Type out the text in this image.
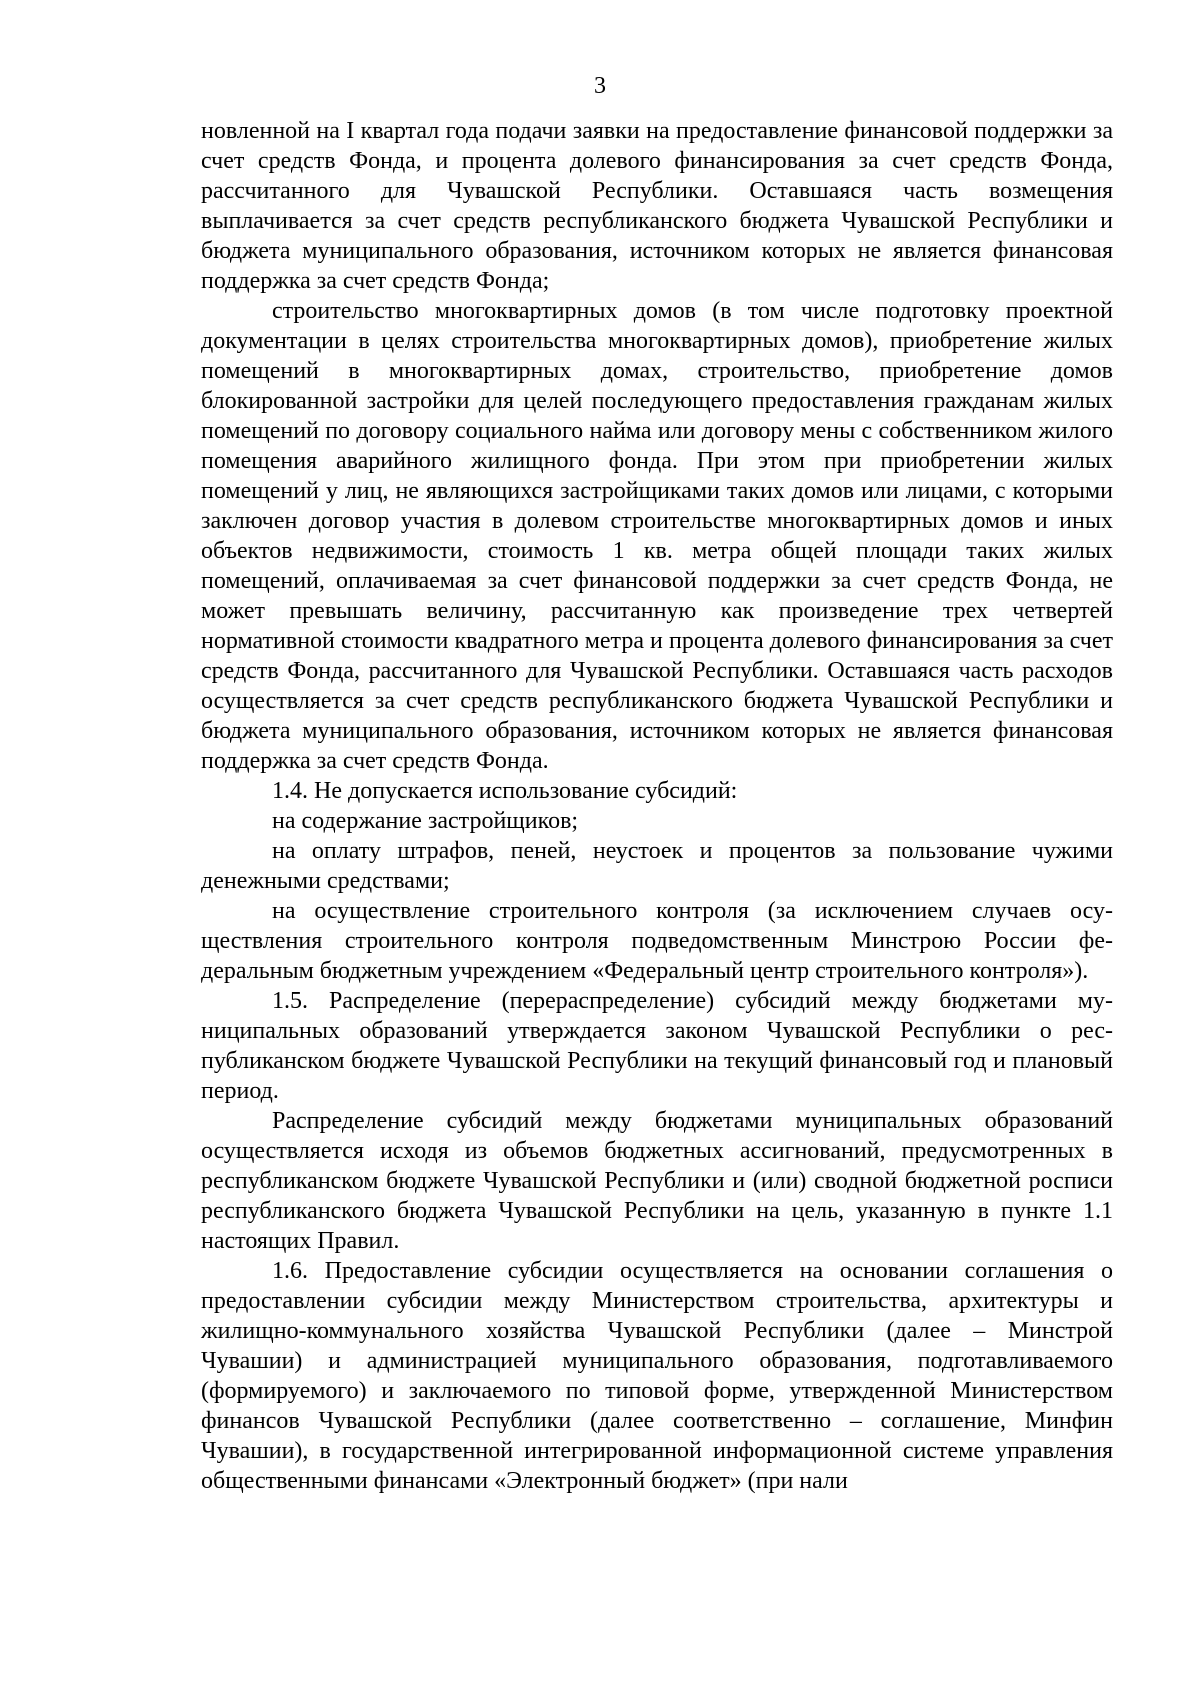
3

новленной на I квартал года подачи заявки на предоставление финансовой поддержки за счет средств Фонда, и процента долевого финансирования за счет средств Фонда, рассчитанного для Чувашской Республики. Оставшаяся часть возмещения выплачивается за счет средств республиканского бюджета Чувашской Республики и бюджета муниципального образования, источником которых не является финансовая поддержка за счет средств Фонда;

строительство многоквартирных домов (в том числе подготовку проектной документации в целях строительства многоквартирных домов), приобретение жилых помещений в многоквартирных домах, строительство, приобретение домов блокированной застройки для целей последующего предоставления гражданам жилых помещений по договору социального найма или договору мены с собственником жилого помещения аварийного жилищного фонда. При этом при приобретении жилых помещений у лиц, не являющихся застройщиками таких домов или лицами, с которыми заключен договор участия в долевом строительстве многоквартирных домов и иных объектов недвижимости, стоимость 1 кв. метра общей площади таких жилых помещений, оплачиваемая за счет финансовой поддержки за счет средств Фонда, не может превышать величину, рассчитанную как произведение трех четвертей нормативной стоимости квадратного метра и процента долевого финансирования за счет средств Фонда, рассчитанного для Чувашской Республики. Оставшаяся часть расходов осуществляется за счет средств республиканского бюджета Чувашской Республики и бюджета муниципального образования, источником которых не является финансовая поддержка за счет средств Фонда.

1.4. Не допускается использование субсидий:

на содержание застройщиков;

на оплату штрафов, пеней, неустоек и процентов за пользование чужими денежными средствами;

на осуществление строительного контроля (за исключением случаев осуществления строительного контроля подведомственным Минстрою России федеральным бюджетным учреждением «Федеральный центр строительного контроля»).

1.5. Распределение (перераспределение) субсидий между бюджетами муниципальных образований утверждается законом Чувашской Республики о республиканском бюджете Чувашской Республики на текущий финансовый год и плановый период.

Распределение субсидий между бюджетами муниципальных образований осуществляется исходя из объемов бюджетных ассигнований, предусмотренных в республиканском бюджете Чувашской Республики и (или) сводной бюджетной росписи республиканского бюджета Чувашской Республики на цель, указанную в пункте 1.1 настоящих Правил.

1.6. Предоставление субсидии осуществляется на основании соглашения о предоставлении субсидии между Министерством строительства, архитектуры и жилищно-коммунального хозяйства Чувашской Республики (далее – Минстрой Чувашии) и администрацией муниципального образования, подготавливаемого (формируемого) и заключаемого по типовой форме, утвержденной Министерством финансов Чувашской Республики (далее соответственно – соглашение, Минфин Чувашии), в государственной интегрированной информационной системе управления общественными финансами «Электронный бюджет» (при нали
